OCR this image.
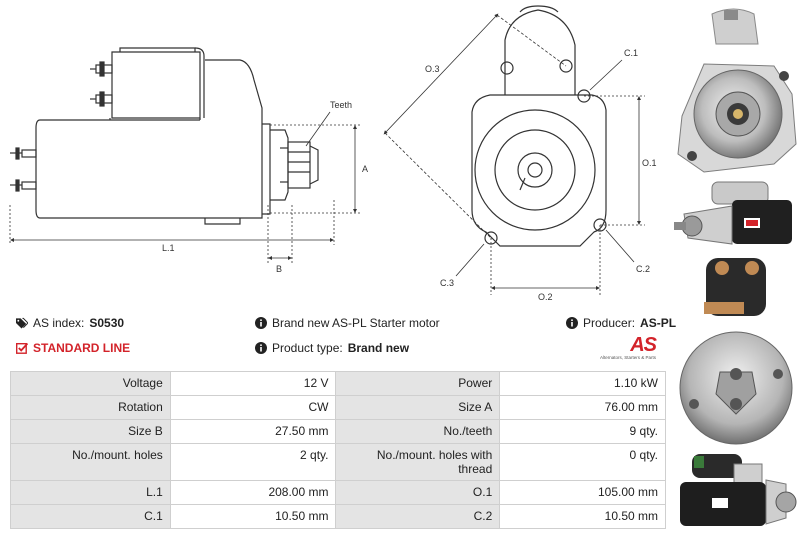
Teeth
A
B
L.1
C.1
C.2
C.3
O.1
O.2
O.3
AS index: S0530	Brand new AS-PL Starter motor	Producer: AS-PL
STANDARD LINE	Product type: Brand new	AS
Alternators, Starters & Parts
Voltage	12 V	Power	1.10 kW
Rotation	CW	Size A	76.00 mm
Size B	27.50 mm	No./teeth	9 qty.
No./mount. holes	2 qty.	No./mount. holes with thread	0 qty.
L.1	208.00 mm	O.1	105.00 mm
C.1	10.50 mm	C.2	10.50 mm
